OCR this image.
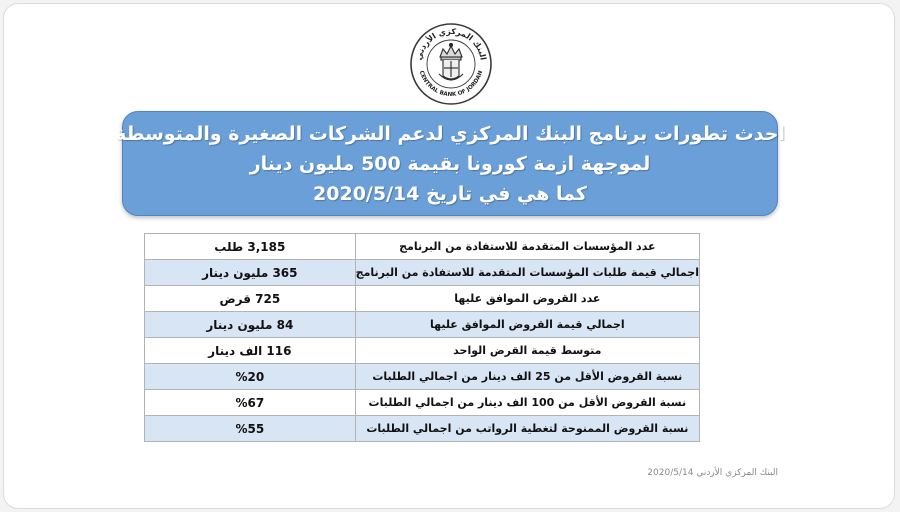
البنك المركزي الأردني
CENTRAL BANK OF JORDAN
احدث تطورات برنامج البنك المركزي لدعم الشركات الصغيرة والمتوسطة
لموجهة ازمة كورونا بقيمة 500 مليون دينار
كما هي في تاريخ 2020/5/14
عدد المؤسسات المتقدمة للاستفادة من البرنامج	3,185 طلب
اجمالي قيمة طلبات المؤسسات المتقدمة للاستفادة من البرنامج	365 مليون دينار
عدد القروض الموافق عليها	725 قرض
اجمالي قيمة القروض الموافق عليها	84 مليون دينار
متوسط قيمة القرض الواحد	116 الف دينار
نسبة القروض الأقل من 25 الف دينار من اجمالي الطلبات	%20
نسبة القروض الأقل من 100 الف دينار من اجمالي الطلبات	%67
نسبة القروض الممنوحة لتغطية الرواتب من اجمالي الطلبات	%55
البنك المركزي الأردني 2020/5/14
